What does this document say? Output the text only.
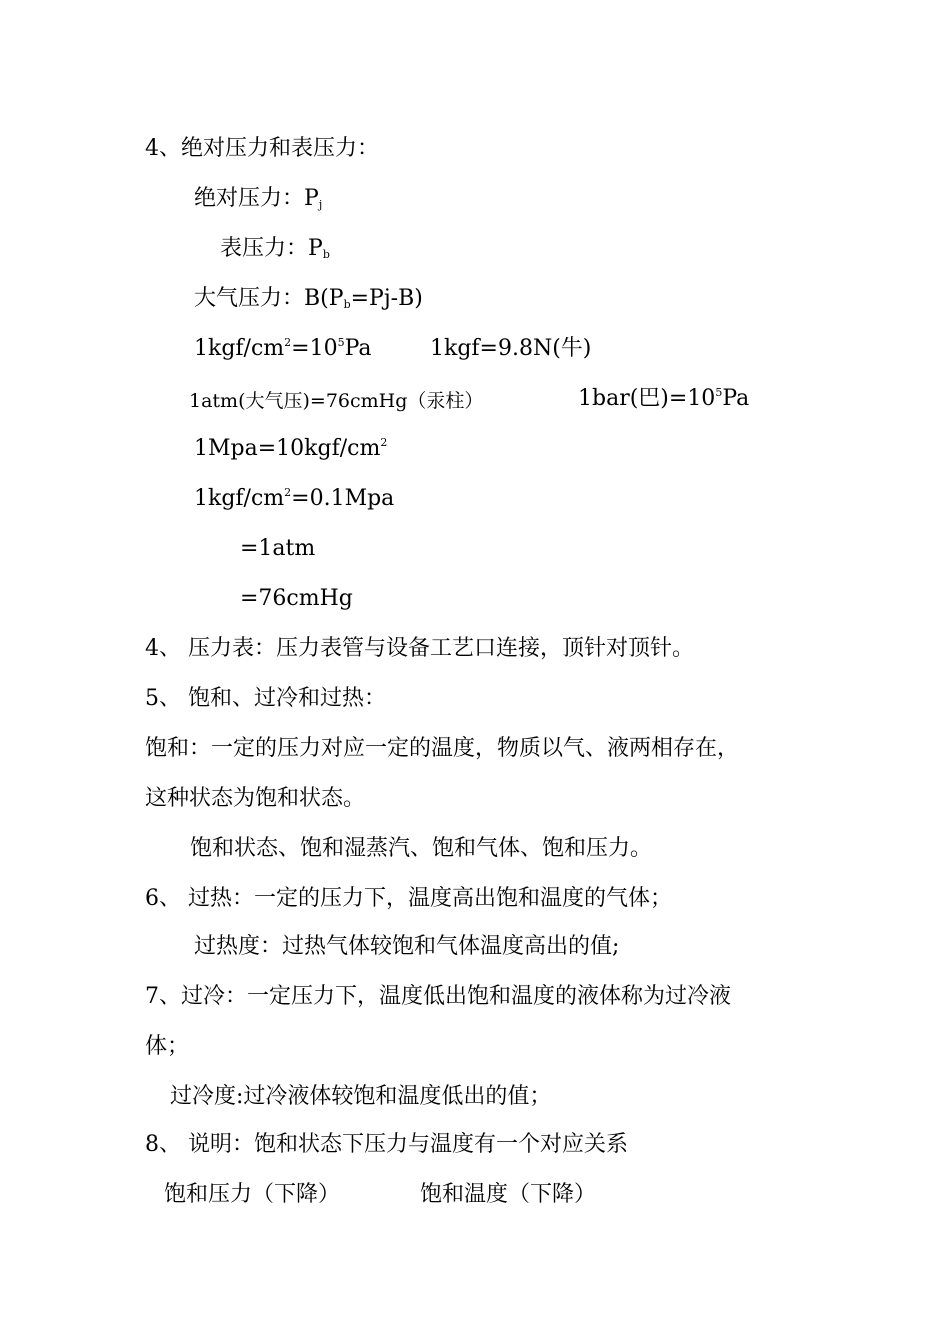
4、绝对压力和表压力：
绝对压力：$P_j$
表压力：$P_b$
大气压力：$B(P_b=Pj-B)$
$1kgf/cm^2=10^5Pa$	1kgf=9.8N(牛)
1atm(大气压)=76cmHg（汞柱）	1bar(巴)$=10^5Pa$
$1Mpa=10kgf/cm^2$
$1kgf/cm^2=0.1Mpa$
=1atm
=76cmHg
4、 压力表：压力表管与设备工艺口连接，顶针对顶针。
5、 饱和、过冷和过热：
饱和：一定的压力对应一定的温度，物质以气、液两相存在，
这种状态为饱和状态。
饱和状态、饱和湿蒸汽、饱和气体、饱和压力。
6、 过热：一定的压力下，温度高出饱和温度的气体；
过热度：过热气体较饱和气体温度高出的值;
7、过冷：一定压力下，温度低出饱和温度的液体称为过冷液
体；
过冷度:过冷液体较饱和温度低出的值；
8、 说明：饱和状态下压力与温度有一个对应关系
饱和压力（下降）	饱和温度（下降）
